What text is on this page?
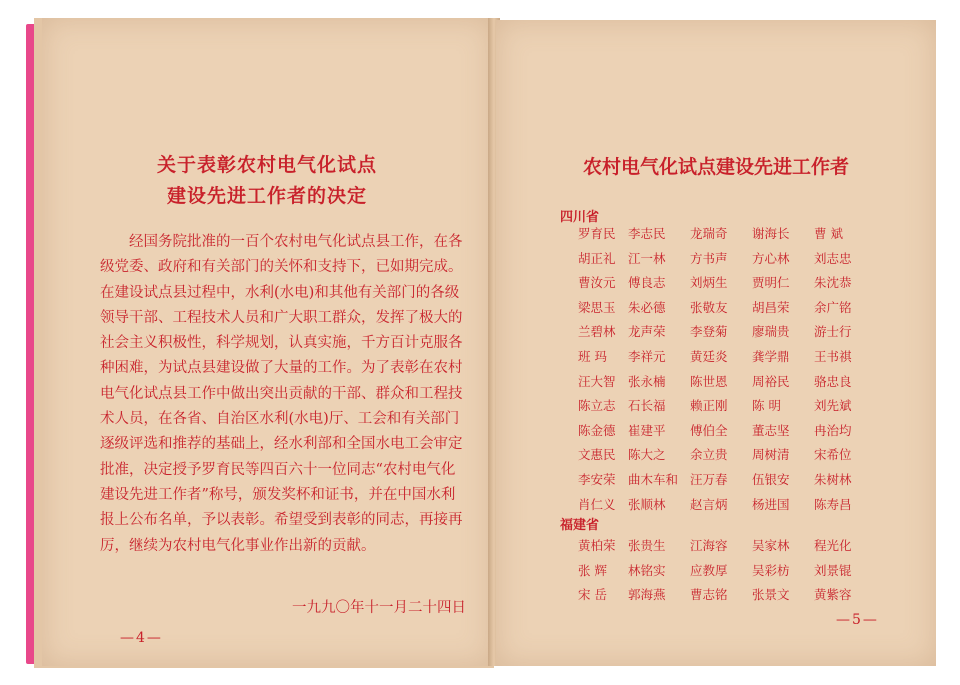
关于表彰农村电气化试点
建设先进工作者的决定
经国务院批准的一百个农村电气化试点县工作，在各
级党委、政府和有关部门的关怀和支持下，已如期完成。
在建设试点县过程中，水利(水电)和其他有关部门的各级
领导干部、工程技术人员和广大职工群众，发挥了极大的
社会主义积极性，科学规划，认真实施，千方百计克服各
种困难，为试点县建设做了大量的工作。为了表彰在农村
电气化试点县工作中做出突出贡献的干部、群众和工程技
术人员，在各省、自治区水利(水电)厅、工会和有关部门
逐级评选和推荐的基础上，经水利部和全国水电工会审定
批准，决定授予罗育民等四百六十一位同志“农村电气化
建设先进工作者”称号，颁发奖杯和证书，并在中国水利
报上公布名单，予以表彰。希望受到表彰的同志，再接再
厉，继续为农村电气化事业作出新的贡献。
一九九〇年十一月二十四日
—4—
农村电气化试点建设先进工作者
四川省
罗育民 李志民	龙瑞奇	谢海长	曹 斌
胡正礼 江一林	方书声	方心林	刘志忠
曹汝元 傅良志	刘炳生	贾明仁	朱沈恭
梁思玉 朱必德	张敬友	胡昌荣	余广铭
兰碧林 龙声荣	李登菊	廖瑞贵	游士行
班 玛	李祥元	黄廷炎	龚学鼎	王书祺
汪大智 张永楠	陈世恩	周裕民	骆忠良
陈立志 石长福	赖正刚	陈 明	刘先斌
陈金德 崔建平	傅伯全	董志坚	冉治均
文惠民 陈大之	余立贵	周树清	宋希位
李安荣 曲木车和 汪万春	伍银安	朱树林
肖仁义 张顺林	赵言炳	杨进国	陈寿昌
福建省
黄柏荣 张贵生	江海容	吴家林	程光化
张 辉	林铭实	应教厚	吴彩枋	刘景锟
宋 岳	郭海燕	曹志铭	张景文	黄紫容
—5—
